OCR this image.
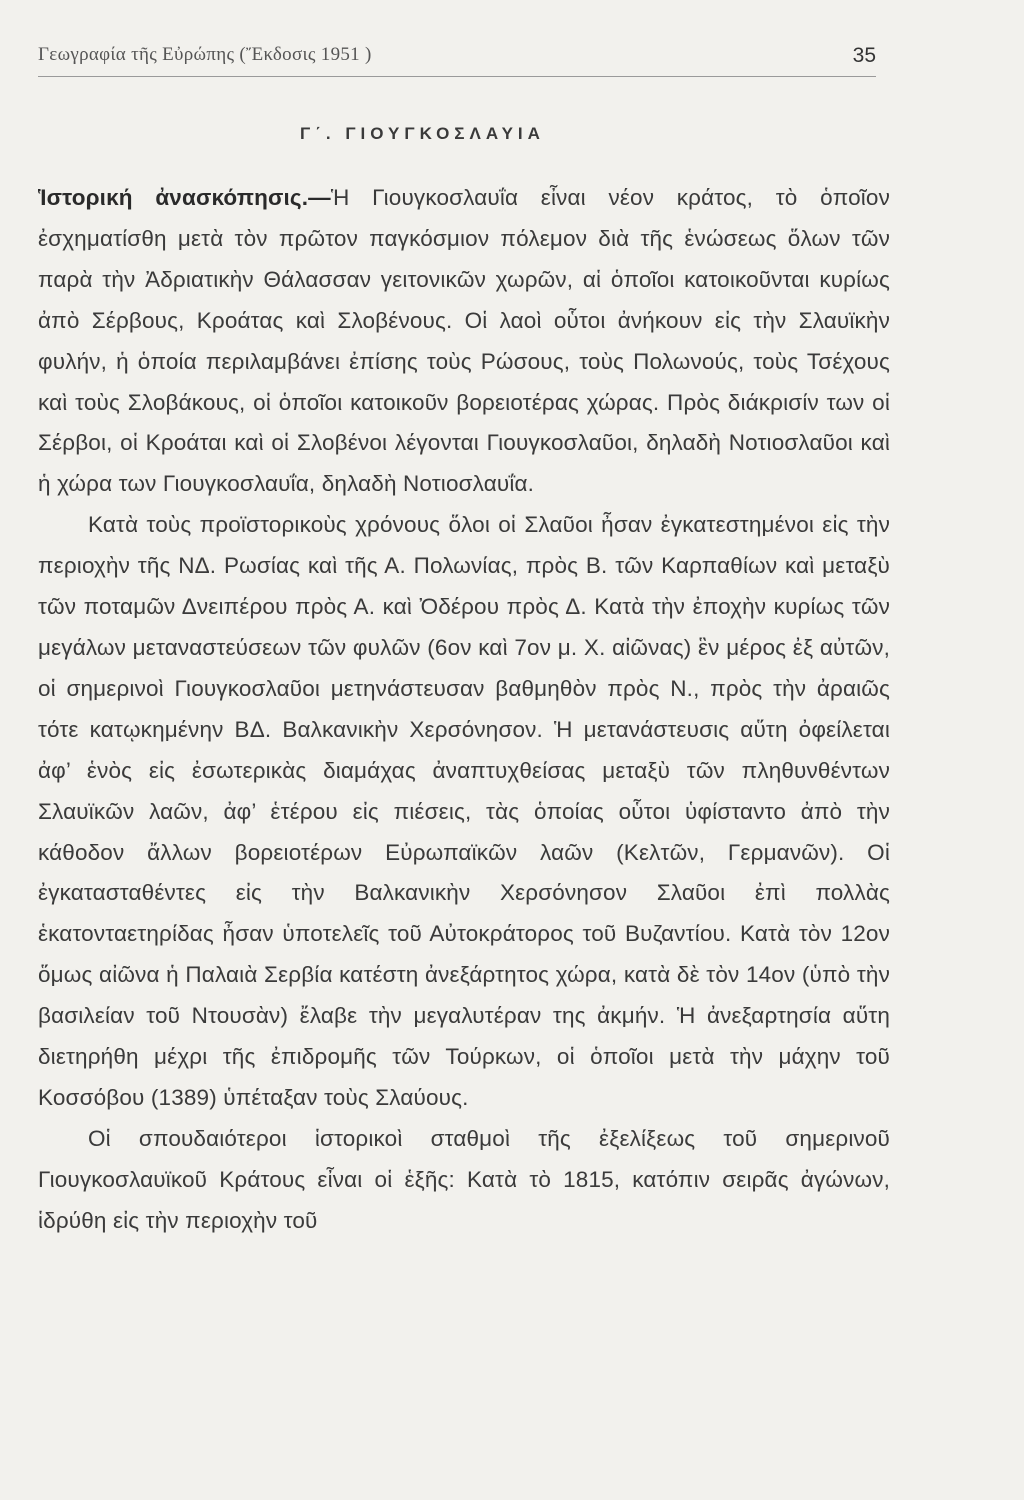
Γεωγραφία τῆς Εὐρώπης (Ἔκδοσις 1951 )	35
Γ΄. ΓΙΟΥΓΚΟΣΛΑΥΙΑ

Ἱστορική ἀνασκόπησις.—Ἡ Γιουγκοσλαυΐα εἶναι νέον κράτος, τὸ ὁποῖον ἐσχηματίσθη μετὰ τὸν πρῶτον παγκόσμιον πόλεμον διὰ τῆς ἑνώσεως ὅλων τῶν παρὰ τὴν Ἀδριατικὴν Θάλασσαν γειτονικῶν χωρῶν, αἱ ὁποῖοι κατοικοῦνται κυρίως ἀπὸ Σέρβους, Κροάτας καὶ Σλοβένους. Οἱ λαοὶ οὗτοι ἀνήκουν εἰς τὴν Σλαυϊκὴν φυλήν, ἡ ὁποία περιλαμβάνει ἐπίσης τοὺς Ρώσους, τοὺς Πολωνούς, τοὺς Τσέχους καὶ τοὺς Σλοβάκους, οἱ ὁποῖοι κατοικοῦν βορειοτέρας χώρας. Πρὸς διάκρισίν των οἱ Σέρβοι, οἱ Κροάται καὶ οἱ Σλοβένοι λέγονται Γιουγκοσλαῦοι, δηλαδὴ Νοτιοσλαῦοι καὶ ἡ χώρα των Γιουγκοσλαυΐα, δηλαδὴ Νοτιοσλαυΐα.

Κατὰ τοὺς προϊστορικοὺς χρόνους ὅλοι οἱ Σλαῦοι ἦσαν ἐγκατεστημένοι εἰς τὴν περιοχὴν τῆς ΝΔ. Ρωσίας καὶ τῆς Α. Πολωνίας, πρὸς Β. τῶν Καρπαθίων καὶ μεταξὺ τῶν ποταμῶν Δνειπέρου πρὸς Α. καὶ Ὀδέρου πρὸς Δ. Κατὰ τὴν ἐποχὴν κυρίως τῶν μεγάλων μεταναστεύσεων τῶν φυλῶν (6ον καὶ 7ον μ. Χ. αἰῶνας) ἓν μέρος ἐξ αὐτῶν, οἱ σημερινοὶ Γιουγκοσλαῦοι μετηνάστευσαν βαθμηθὸν πρὸς Ν., πρὸς τὴν ἀραιῶς τότε κατῳκημένην ΒΔ. Βαλκανικὴν Χερσόνησον. Ἡ μετανάστευσις αὕτη ὀφείλεται ἀφ’ ἑνὸς εἰς ἐσωτερικὰς διαμάχας ἀναπτυχθείσας μεταξὺ τῶν πληθυνθέντων Σλαυϊκῶν λαῶν, ἀφ’ ἑτέρου εἰς πιέσεις, τὰς ὁποίας οὗτοι ὑφίσταντο ἀπὸ τὴν κάθοδον ἄλλων βορειοτέρων Εὐρωπαϊκῶν λαῶν (Κελτῶν, Γερμανῶν). Οἱ ἐγκατασταθέντες εἰς τὴν Βαλκανικὴν Χερσόνησον Σλαῦοι ἐπὶ πολλὰς ἑκατονταετηρίδας ἦσαν ὑποτελεῖς τοῦ Αὐτοκράτορος τοῦ Βυζαντίου. Κατὰ τὸν 12ον ὅμως αἰῶνα ἡ Παλαιὰ Σερβία κατέστη ἀνεξάρτητος χώρα, κατὰ δὲ τὸν 14ον (ὑπὸ τὴν βασιλείαν τοῦ Ντουσὰν) ἔλαβε τὴν μεγαλυτέραν της ἀκμήν. Ἡ ἀνεξαρτησία αὕτη διετηρήθη μέχρι τῆς ἐπιδρομῆς τῶν Τούρκων, οἱ ὁποῖοι μετὰ τὴν μάχην τοῦ Κοσσόβου (1389) ὑπέταξαν τοὺς Σλαύους.

Οἱ σπουδαιότεροι ἱστορικοὶ σταθμοὶ τῆς ἐξελίξεως τοῦ σημερινοῦ Γιουγκοσλαυϊκοῦ Κράτους εἶναι οἱ ἑξῆς: Κατὰ τὸ 1815, κατόπιν σειρᾶς ἀγώνων, ἱδρύθη εἰς τὴν περιοχὴν τοῦ
